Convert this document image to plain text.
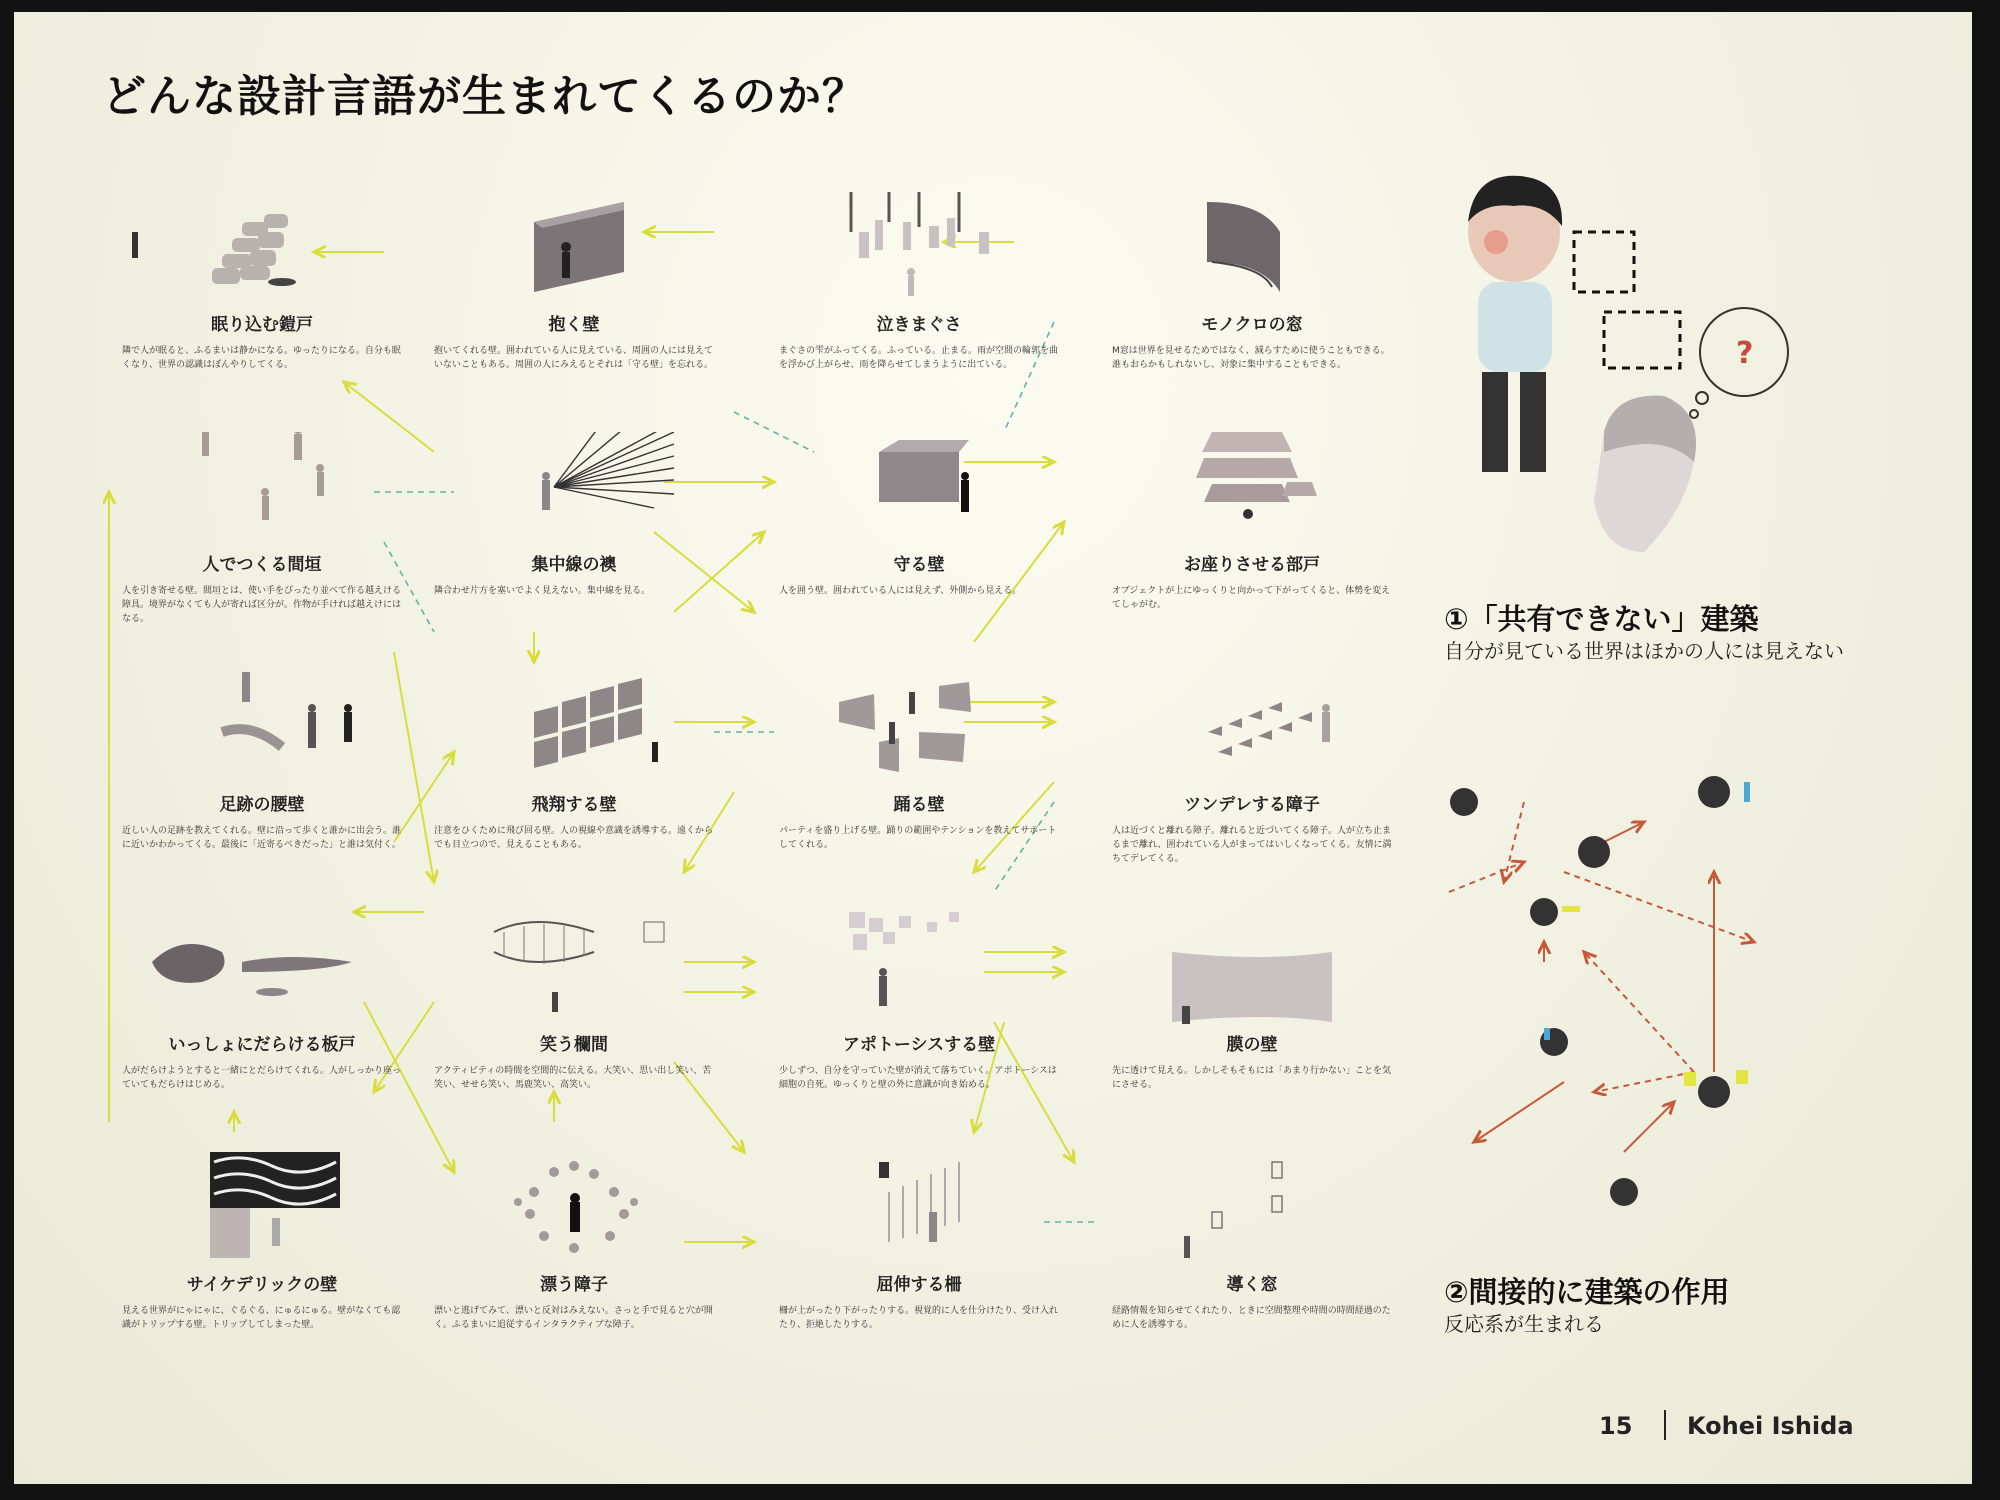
どんな設計言語が生まれてくるのか？
眠り込む鎧戸
隣で人が眠ると、ふるまいは静かになる。ゆったりになる。自分も眠くなり、世界の認識はぼんやりしてくる。
抱く壁
抱いてくれる壁。囲われている人に見えている、周囲の人には見えていないこともある。周囲の人にみえるとそれは「守る壁」を忘れる。
泣きまぐさ
まぐさの雫がふってくる。ふっている。止まる。雨が空間の輪郭を曲を浮かび上がらせ、雨を降らせてしまうように出ている。
モノクロの窓
M窓は世界を見せるためではなく、減らすために使うこともできる。誰もおらかもしれないし、対象に集中することもできる。
人でつくる間垣
人を引き寄せる壁。間垣とは、使い手をぴったり並べて作る越えける障具。境界がなくても人が寄れば区分が。作物が手ければ越えけにはなる。
集中線の襖
隣合わせ片方を塞いでよく見えない。集中線を見る。
守る壁
人を囲う壁。囲われている人には見えず、外側から見える。
お座りさせる部戸
オブジェクトが上にゆっくりと向かって下がってくると、体勢を変えてしゃがむ。
足跡の腰壁
近しい人の足跡を教えてくれる。壁に沿って歩くと誰かに出会う。誰に近いかわかってくる。最後に「近寄るべきだった」と誰は気付く。
飛翔する壁
注意をひくために飛び回る壁。人の視線や意識を誘導する。遠くからでも目立つので、見えることもある。
踊る壁
パーティを盛り上げる壁。踊りの範囲やテンションを教えてサポートしてくれる。
ツンデレする障子
人は近づくと離れる障子。離れると近づいてくる障子。人が立ち止まるまで離れ、囲われている人がまってはいしくなってくる。友情に満ちてデレてくる。
いっしょにだらける板戸
人がだらけようとすると一緒にとだらけてくれる。人がしっかり座っていてもだらけはじめる。
笑う欄間
アクティビティの時間を空間的に伝える。大笑い、思い出し笑い、苦笑い、せせら笑い、馬鹿笑い、高笑い。
アポトーシスする壁
少しずつ、自分を守っていた壁が消えて落ちていく。アポトーシスは細胞の自死。ゆっくりと壁の外に意識が向き始める。
膜の壁
先に透けて見える。しかしそもそもには「あまり行かない」ことを気にさせる。
サイケデリックの壁
見える世界がにゃにゃに、ぐるぐる、にゅるにゅる。壁がなくても認識がトリップする壁。トリップしてしまった壁。
漂う障子
漂いと逃げてみて、漂いと反対はみえない。さっと手で見ると穴が開く。ふるまいに追従するインタラクティブな障子。
屈伸する柵
柵が上がったり下がったりする。視覚的に人を仕分けたり、受け入れたり、拒絶したりする。
導く窓
経路情報を知らせてくれたり、ときに空間整理や時間の時間経過のために人を誘導する。
?
①「共有できない」建築
自分が見ている世界はほかの人には見えない
②間接的に建築の作用
反応系が生まれる
15 Kohei Ishida
